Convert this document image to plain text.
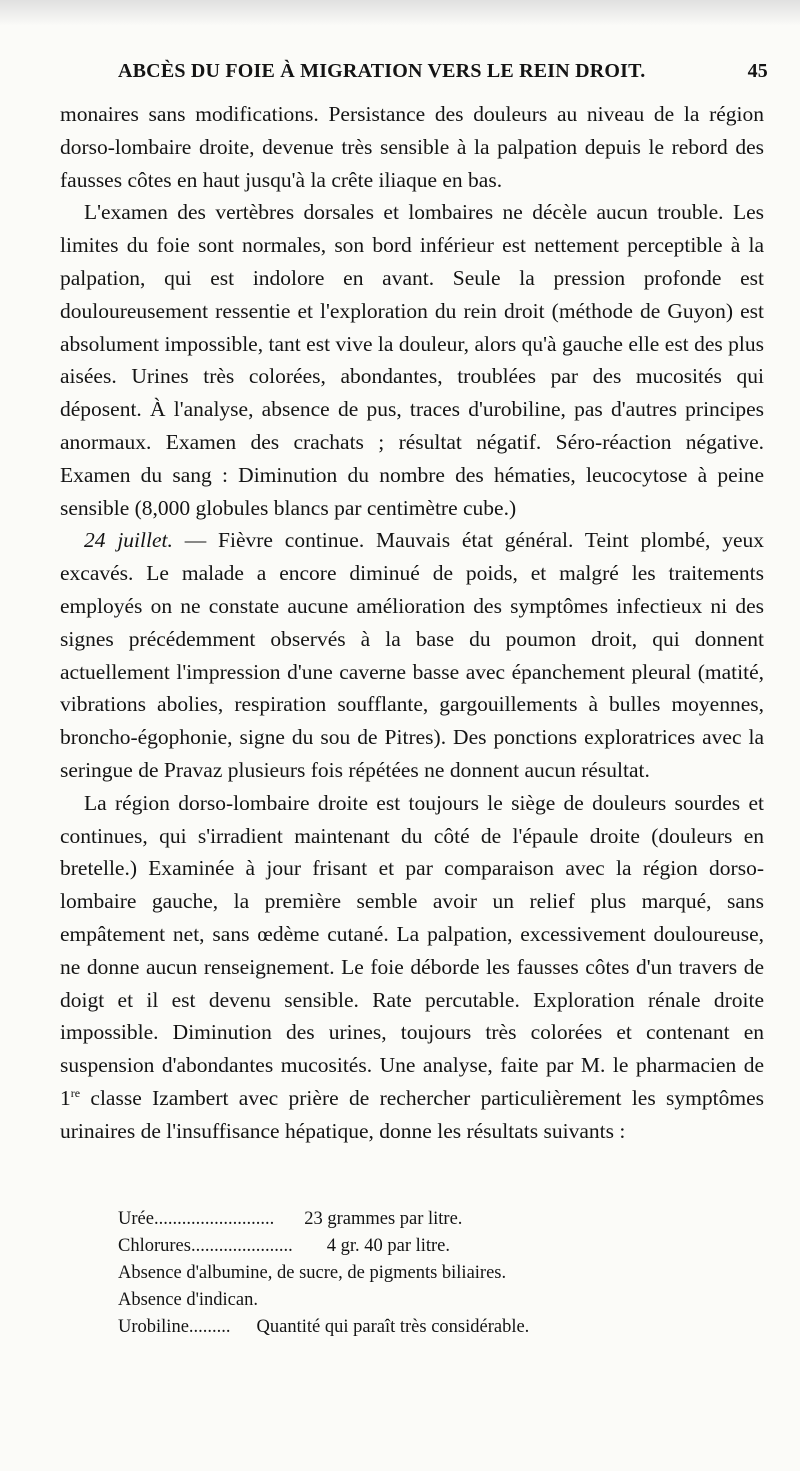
ABCÈS DU FOIE À MIGRATION VERS LE REIN DROIT.	45

monaires sans modifications. Persistance des douleurs au niveau de la région dorso-lombaire droite, devenue très sensible à la palpation depuis le rebord des fausses côtes en haut jusqu'à la crête iliaque en bas.

L'examen des vertèbres dorsales et lombaires ne décèle aucun trouble. Les limites du foie sont normales, son bord inférieur est nettement perceptible à la palpation, qui est indolore en avant. Seule la pression profonde est douloureusement ressentie et l'exploration du rein droit (méthode de Guyon) est absolument impossible, tant est vive la douleur, alors qu'à gauche elle est des plus aisées. Urines très colorées, abondantes, troublées par des mucosités qui déposent. À l'analyse, absence de pus, traces d'urobiline, pas d'autres principes anormaux. Examen des crachats ; résultat négatif. Séro-réaction négative. Examen du sang : Diminution du nombre des hématies, leucocytose à peine sensible (8,000 globules blancs par centimètre cube.)

24 juillet. — Fièvre continue. Mauvais état général. Teint plombé, yeux excavés. Le malade a encore diminué de poids, et malgré les traitements employés on ne constate aucune amélioration des symptômes infectieux ni des signes précédemment observés à la base du poumon droit, qui donnent actuellement l'impression d'une caverne basse avec épanchement pleural (matité, vibrations abolies, respiration soufflante, gargouillements à bulles moyennes, broncho-égophonie, signe du sou de Pitres). Des ponctions exploratrices avec la seringue de Pravaz plusieurs fois répétées ne donnent aucun résultat.

La région dorso-lombaire droite est toujours le siège de douleurs sourdes et continues, qui s'irradient maintenant du côté de l'épaule droite (douleurs en bretelle.) Examinée à jour frisant et par comparaison avec la région dorso-lombaire gauche, la première semble avoir un relief plus marqué, sans empâtement net, sans œdème cutané. La palpation, excessivement douloureuse, ne donne aucun renseignement. Le foie déborde les fausses côtes d'un travers de doigt et il est devenu sensible. Rate percutable. Exploration rénale droite impossible. Diminution des urines, toujours très colorées et contenant en suspension d'abondantes mucosités. Une analyse, faite par M. le pharmacien de 1re classe Izambert avec prière de rechercher particulièrement les symptômes urinaires de l'insuffisance hépatique, donne les résultats suivants :

Urée .......................... 23 grammes par litre.
Chlorures ...................... 4 gr. 40 par litre.
Absence d'albumine, de sucre, de pigments biliaires.
Absence d'indican.
Urobiline ......... Quantité qui paraît très considérable.
